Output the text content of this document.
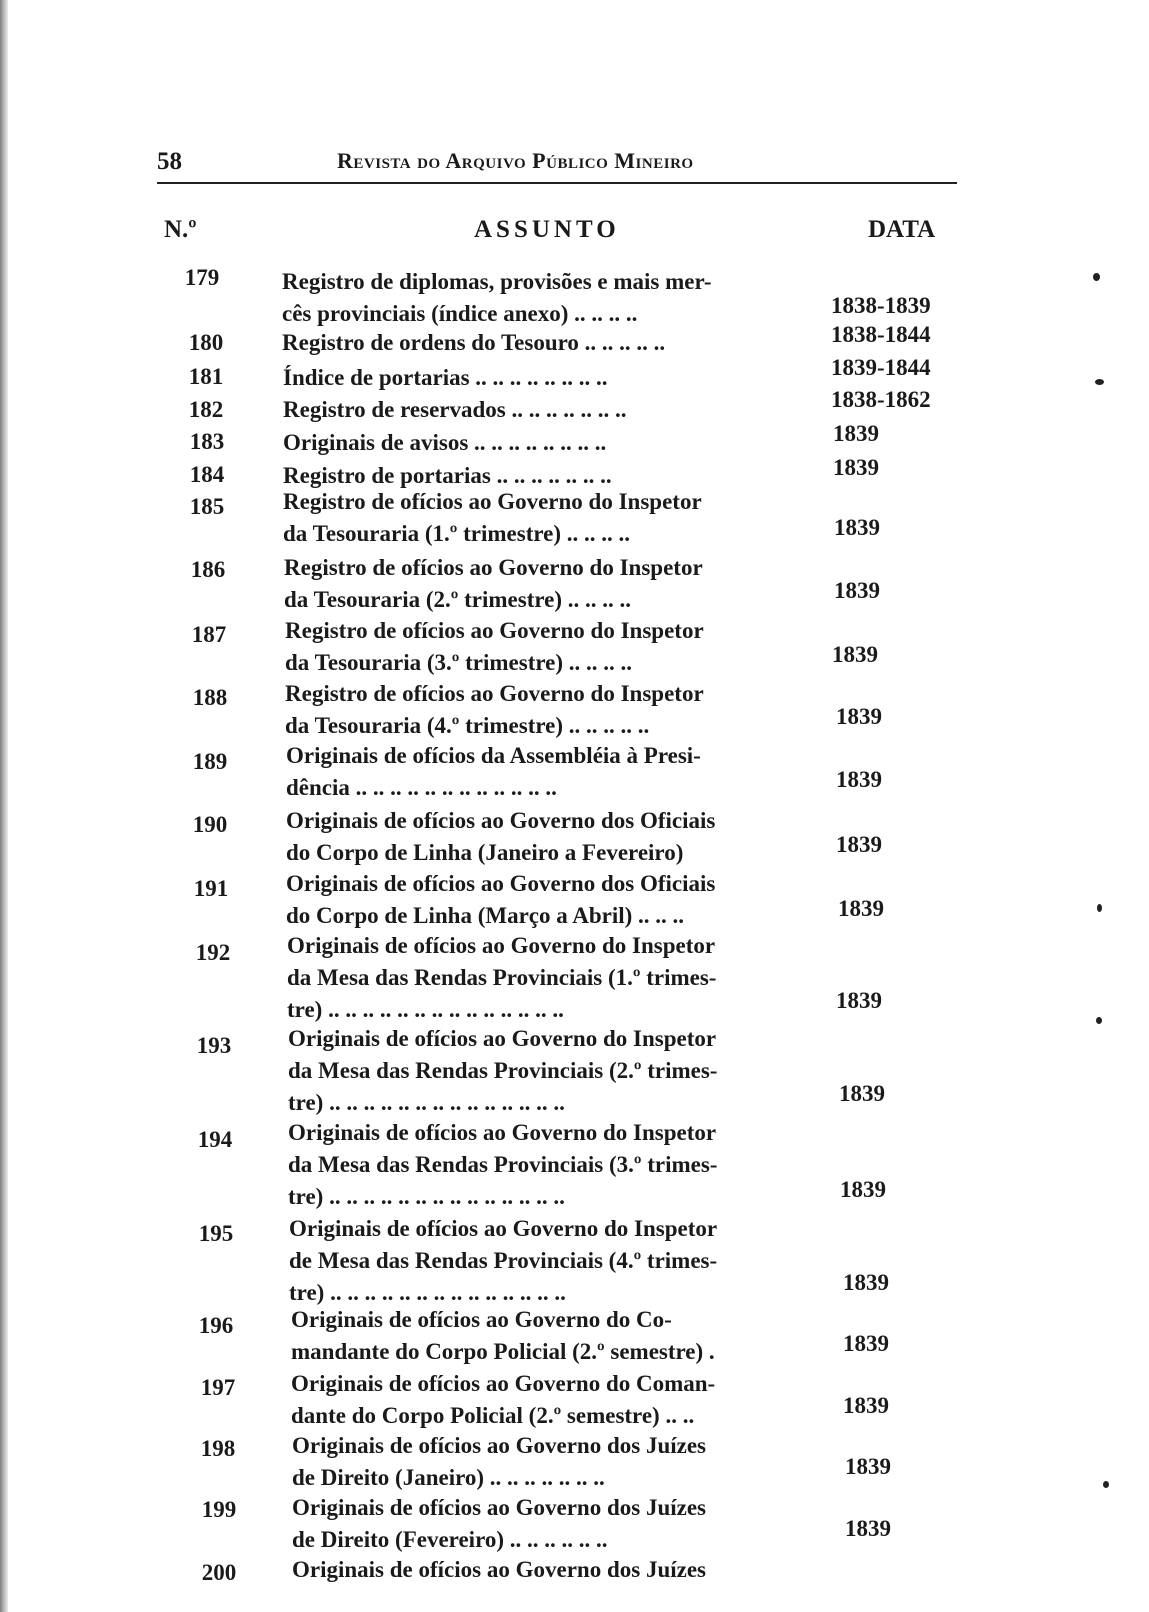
58	Revista do Arquivo Público Mineiro
N.º	ASSUNTO	DATA
179	Registro de diplomas, provisões e mais mer-
cês provinciais (índice anexo) .. .. .. ..	1838-1839
180	Registro de ordens do Tesouro .. .. .. .. ..	1838-1844
181	Índice de portarias .. .. .. .. .. .. .. ..	1839-1844
182	Registro de reservados .. .. .. .. .. .. ..	1838-1862
183	Originais de avisos .. .. .. .. .. .. .. ..	1839
184	Registro de portarias .. .. .. .. .. .. ..	1839
185	Registro de ofícios ao Governo do Inspetor
da Tesouraria (1.º trimestre) .. .. .. ..	1839
186	Registro de ofícios ao Governo do Inspetor
da Tesouraria (2.º trimestre) .. .. .. ..	1839
187	Registro de ofícios ao Governo do Inspetor
da Tesouraria (3.º trimestre) .. .. .. ..	1839
188	Registro de ofícios ao Governo do Inspetor
da Tesouraria (4.º trimestre) .. .. .. .. ..	1839
189	Originais de ofícios da Assembléia à Presi-
dência .. .. .. .. .. .. .. .. .. .. .. ..	1839
190	Originais de ofícios ao Governo dos Oficiais
do Corpo de Linha (Janeiro a Fevereiro)	1839
191	Originais de ofícios ao Governo dos Oficiais
do Corpo de Linha (Março a Abril) .. .. ..	1839
192	Originais de ofícios ao Governo do Inspetor
da Mesa das Rendas Provinciais (1.º trimes-
tre) .. .. .. .. .. .. .. .. .. .. .. .. .. ..	1839
193	Originais de ofícios ao Governo do Inspetor
da Mesa das Rendas Provinciais (2.º trimes-
tre) .. .. .. .. .. .. .. .. .. .. .. .. .. ..	1839
194	Originais de ofícios ao Governo do Inspetor
da Mesa das Rendas Provinciais (3.º trimes-
tre) .. .. .. .. .. .. .. .. .. .. .. .. .. ..	1839
195	Originais de ofícios ao Governo do Inspetor
de Mesa das Rendas Provinciais (4.º trimes-
tre) .. .. .. .. .. .. .. .. .. .. .. .. .. ..	1839
196	Originais de ofícios ao Governo do Co-
mandante do Corpo Policial (2.º semestre) .	1839
197	Originais de ofícios ao Governo do Coman-
dante do Corpo Policial (2.º semestre) .. ..	1839
198	Originais de ofícios ao Governo dos Juízes
de Direito (Janeiro) .. .. .. .. .. .. ..	1839
199	Originais de ofícios ao Governo dos Juízes
de Direito (Fevereiro) .. .. .. .. .. ..	1839
200	Originais de ofícios ao Governo dos Juízes
